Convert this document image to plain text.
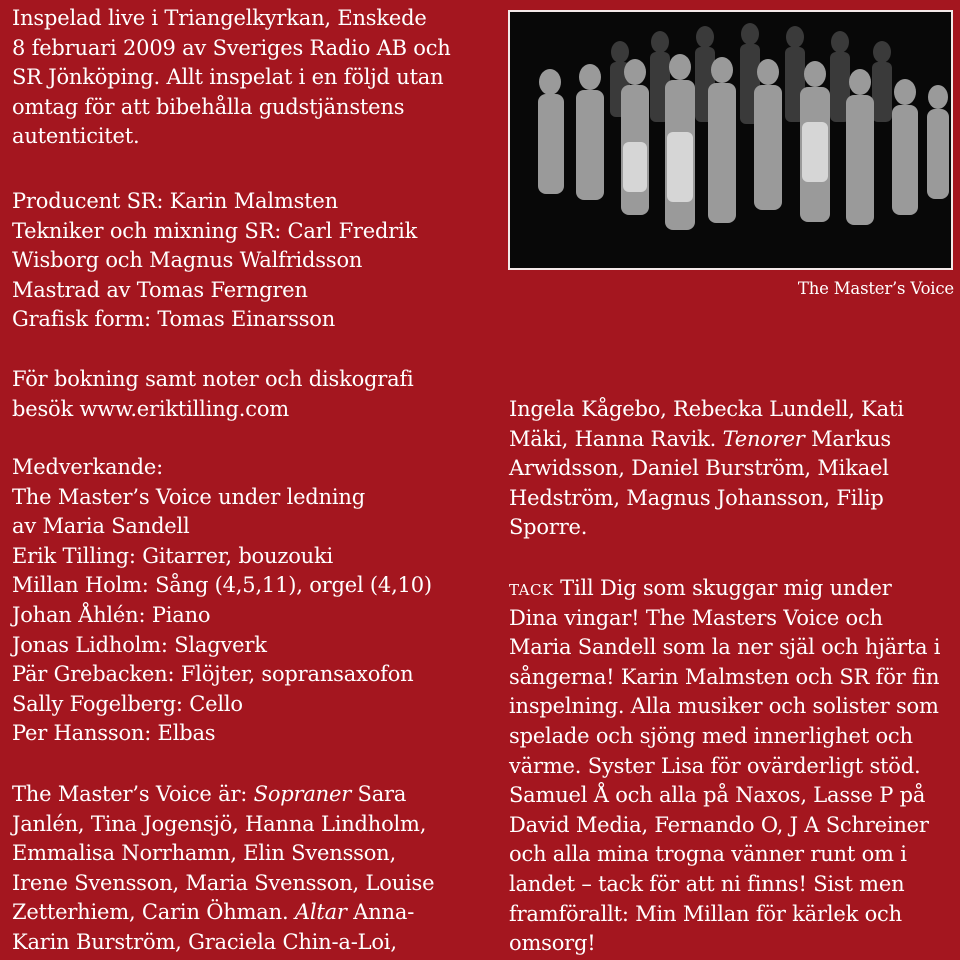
Inspelad live i Triangelkyrkan, Enskede
8 februari 2009 av Sveriges Radio AB och
SR Jönköping. Allt inspelat i en följd utan
omtag för att bibehålla gudstjänstens
autenticitet.
Producent SR: Karin Malmsten
Tekniker och mixning SR: Carl Fredrik
Wisborg och Magnus Walfridsson
Mastrad av Tomas Ferngren
Grafisk form: Tomas Einarsson
För bokning samt noter och diskografi
besök www.eriktilling.com
Medverkande:
The Master’s Voice under ledning
av Maria Sandell
Erik Tilling: Gitarrer, bouzouki
Millan Holm: Sång (4,5,11), orgel (4,10)
Johan Åhlén: Piano
Jonas Lidholm: Slagverk
Pär Grebacken: Flöjter, sopransaxofon
Sally Fogelberg: Cello
Per Hansson: Elbas
The Master’s Voice är: Sopraner Sara
Janlén, Tina Jogensjö, Hanna Lindholm,
Emmalisa Norrhamn, Elin Svensson,
Irene Svensson, Maria Svensson, Louise
Zetterhiem, Carin Öhman. Altar Anna-
Karin Burström, Graciela Chin-a-Loi,
The Master’s Voice
Ingela Kågebo, Rebecka Lundell, Kati
Mäki, Hanna Ravik. Tenorer Markus
Arwidsson, Daniel Burström, Mikael
Hedström, Magnus Johansson, Filip
Sporre.
tack Till Dig som skuggar mig under
Dina vingar! The Masters Voice och
Maria Sandell som la ner själ och hjärta i
sångerna! Karin Malmsten och SR för fin
inspelning. Alla musiker och solister som
spelade och sjöng med innerlighet och
värme. Syster Lisa för ovärderligt stöd.
Samuel Å och alla på Naxos, Lasse P på
David Media, Fernando O, J A Schreiner
och alla mina trogna vänner runt om i
landet – tack för att ni finns! Sist men
framförallt: Min Millan för kärlek och
omsorg!
